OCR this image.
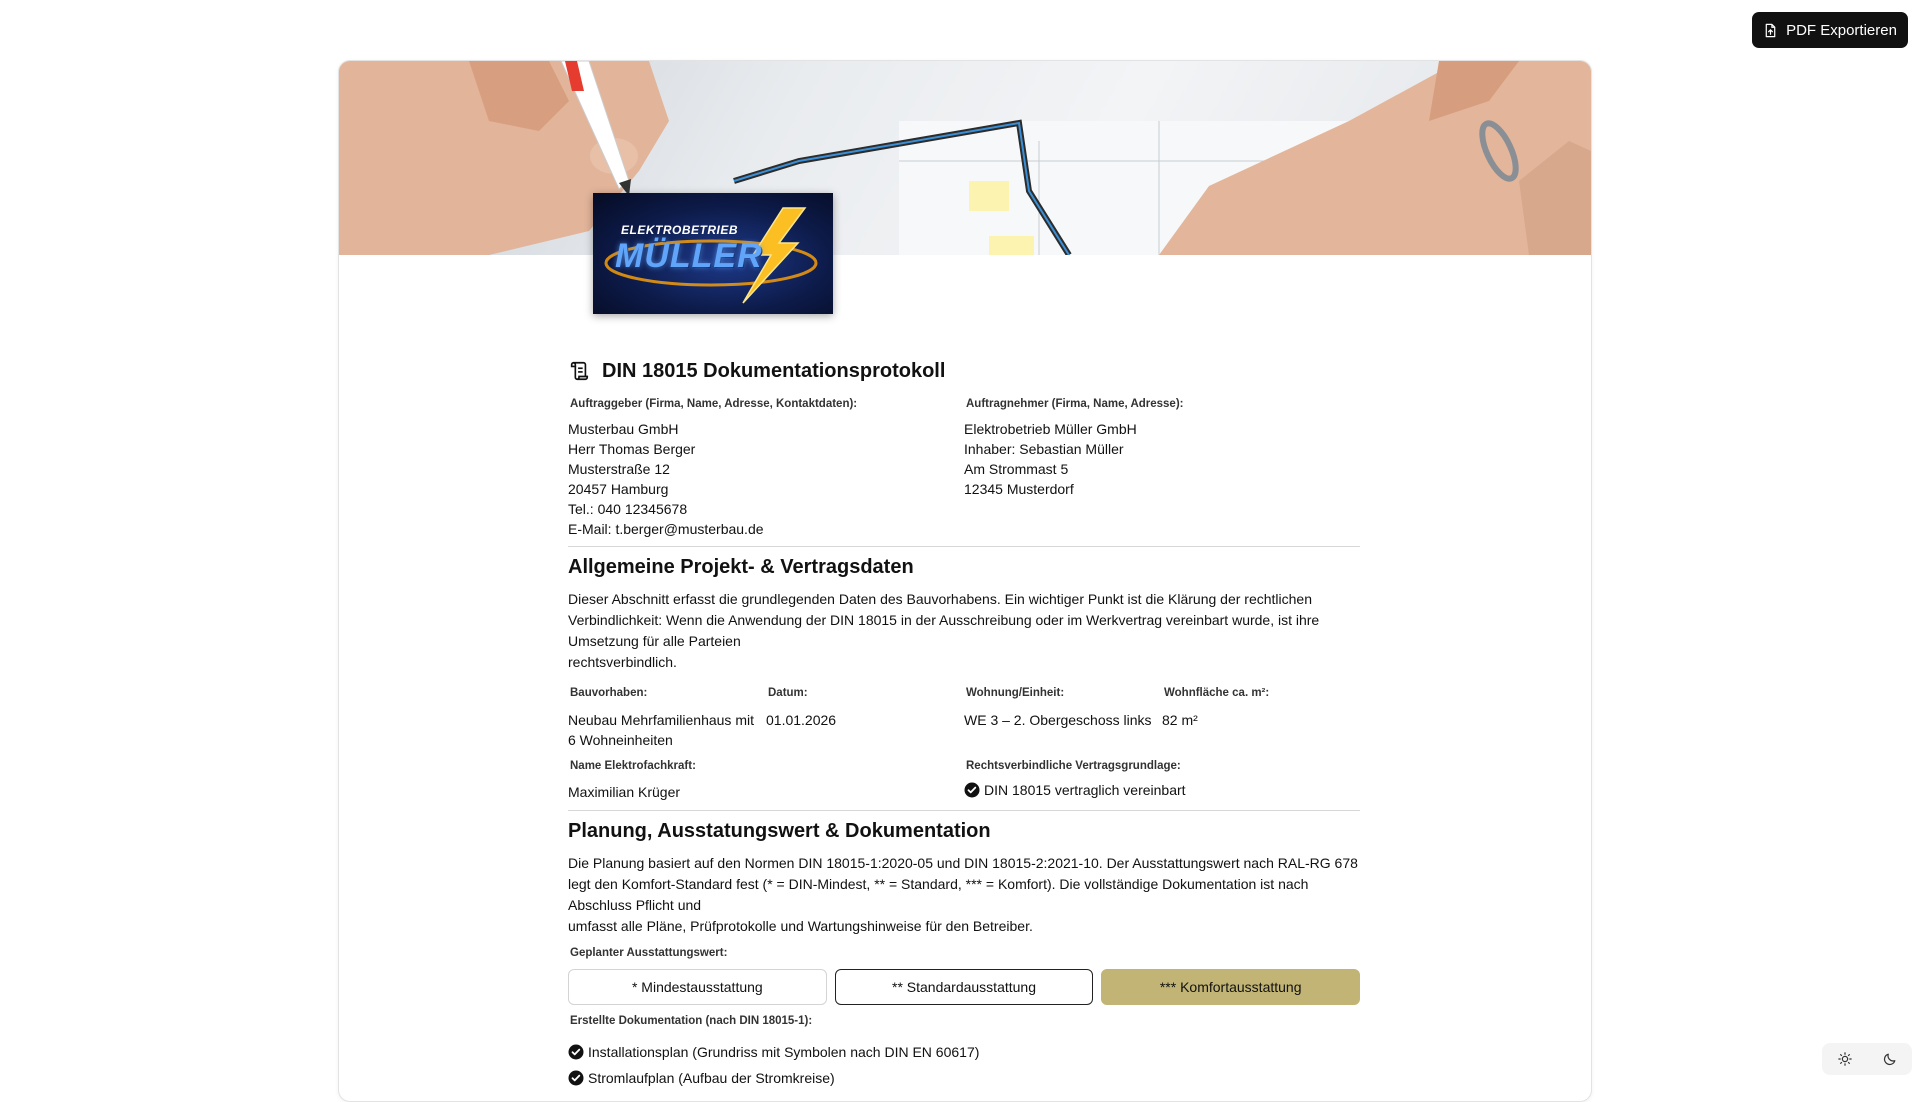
PDF Exportieren
ELEKTROBETRIEB
MÜLLER
DIN 18015 Dokumentationsprotokoll
Auftraggeber (Firma, Name, Adresse, Kontaktdaten):
Musterbau GmbH
Herr Thomas Berger
Musterstraße 12
20457 Hamburg
Tel.: 040 12345678
E-Mail: t.berger@musterbau.de
Auftragnehmer (Firma, Name, Adresse):
Elektrobetrieb Müller GmbH
Inhaber: Sebastian Müller
Am Strommast 5
12345 Musterdorf
Allgemeine Projekt- & Vertragsdaten
Dieser Abschnitt erfasst die grundlegenden Daten des Bauvorhabens. Ein wichtiger Punkt ist die Klärung der rechtlichen Verbindlichkeit: Wenn die Anwendung der DIN 18015 in der Ausschreibung oder im Werkvertrag vereinbart wurde, ist ihre Umsetzung für alle Parteien
rechtsverbindlich.
Bauvorhaben:
Neubau Mehrfamilienhaus mit 6 Wohneinheiten
Datum:
01.01.2026
Wohnung/Einheit:
WE 3 – 2. Obergeschoss links
Wohnfläche ca. m²:
82 m²
Name Elektrofachkraft:
Maximilian Krüger
Rechtsverbindliche Vertragsgrundlage:
DIN 18015 vertraglich vereinbart
Planung, Ausstatungswert & Dokumentation
Die Planung basiert auf den Normen DIN 18015-1:2020-05 und DIN 18015-2:2021-10. Der Ausstattungswert nach RAL-RG 678 legt den Komfort-Standard fest (* = DIN-Mindest, ** = Standard, *** = Komfort). Die vollständige Dokumentation ist nach Abschluss Pflicht und
umfasst alle Pläne, Prüfprotokolle und Wartungshinweise für den Betreiber.
Geplanter Ausstattungswert:
* Mindestausstattung	** Standardausstattung	*** Komfortausstattung
Erstellte Dokumentation (nach DIN 18015-1):
Installationsplan (Grundriss mit Symbolen nach DIN EN 60617)
Stromlaufplan (Aufbau der Stromkreise)
